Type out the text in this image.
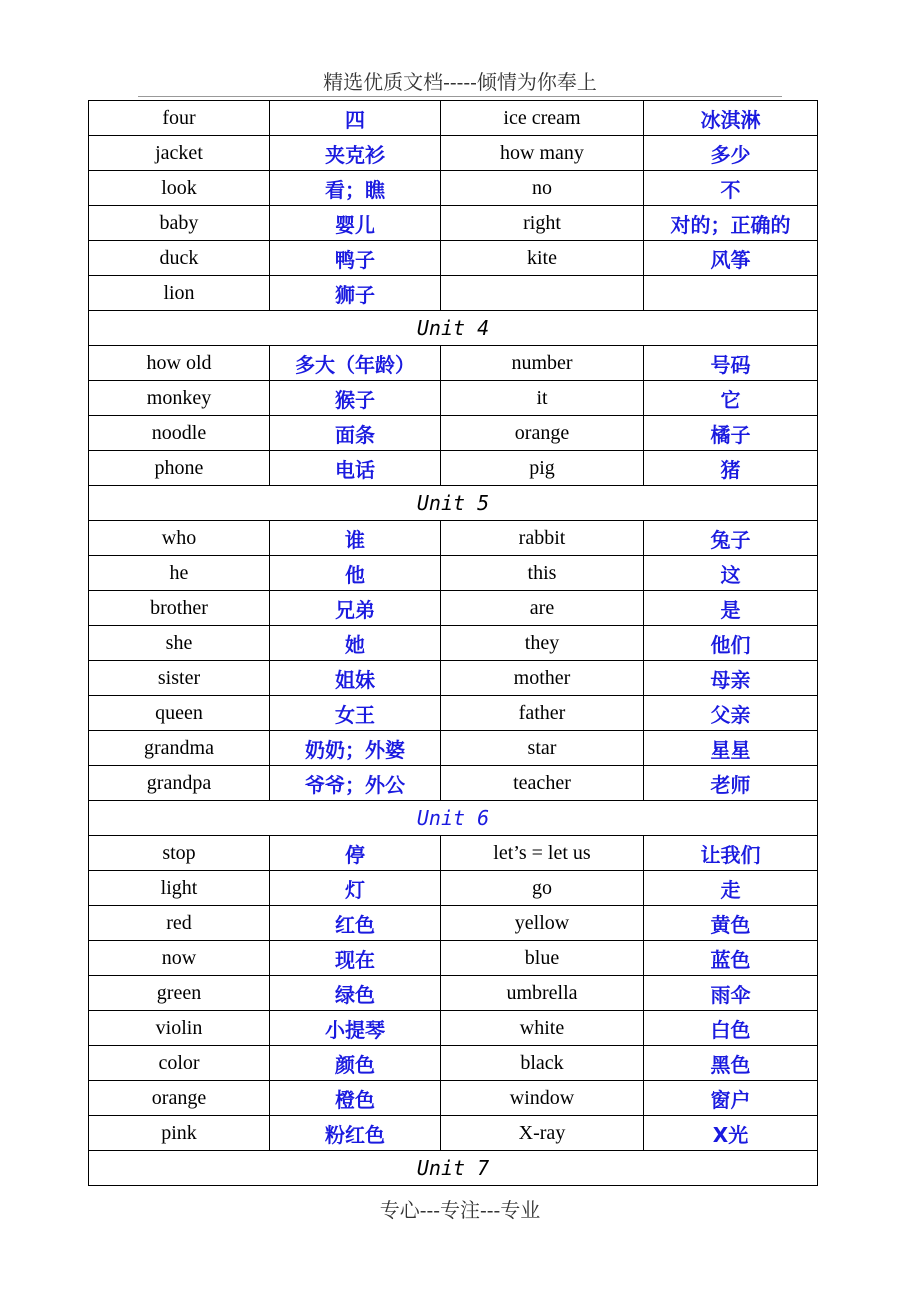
精选优质文档-----倾情为你奉上
four	四	ice cream	冰淇淋
jacket	夹克衫	how many	多少
look	看；瞧	no	不
baby	婴儿	right	对的；正确的
duck	鸭子	kite	风筝
lion	狮子		
Unit 4			
how old	多大（年龄）	number	号码
monkey	猴子	it	它
noodle	面条	orange	橘子
phone	电话	pig	猪
Unit 5			
who	谁	rabbit	兔子
he	他	this	这
brother	兄弟	are	是
she	她	they	他们
sister	姐妹	mother	母亲
queen	女王	father	父亲
grandma	奶奶；外婆	star	星星
grandpa	爷爷；外公	teacher	老师
Unit 6			
stop	停	let’s = let us	让我们
light	灯	go	走
red	红色	yellow	黄色
now	现在	blue	蓝色
green	绿色	umbrella	雨伞
violin	小提琴	white	白色
color	颜色	black	黑色
orange	橙色	window	窗户
pink	粉红色	X-ray	X光
Unit 7			
专心---专注---专业
